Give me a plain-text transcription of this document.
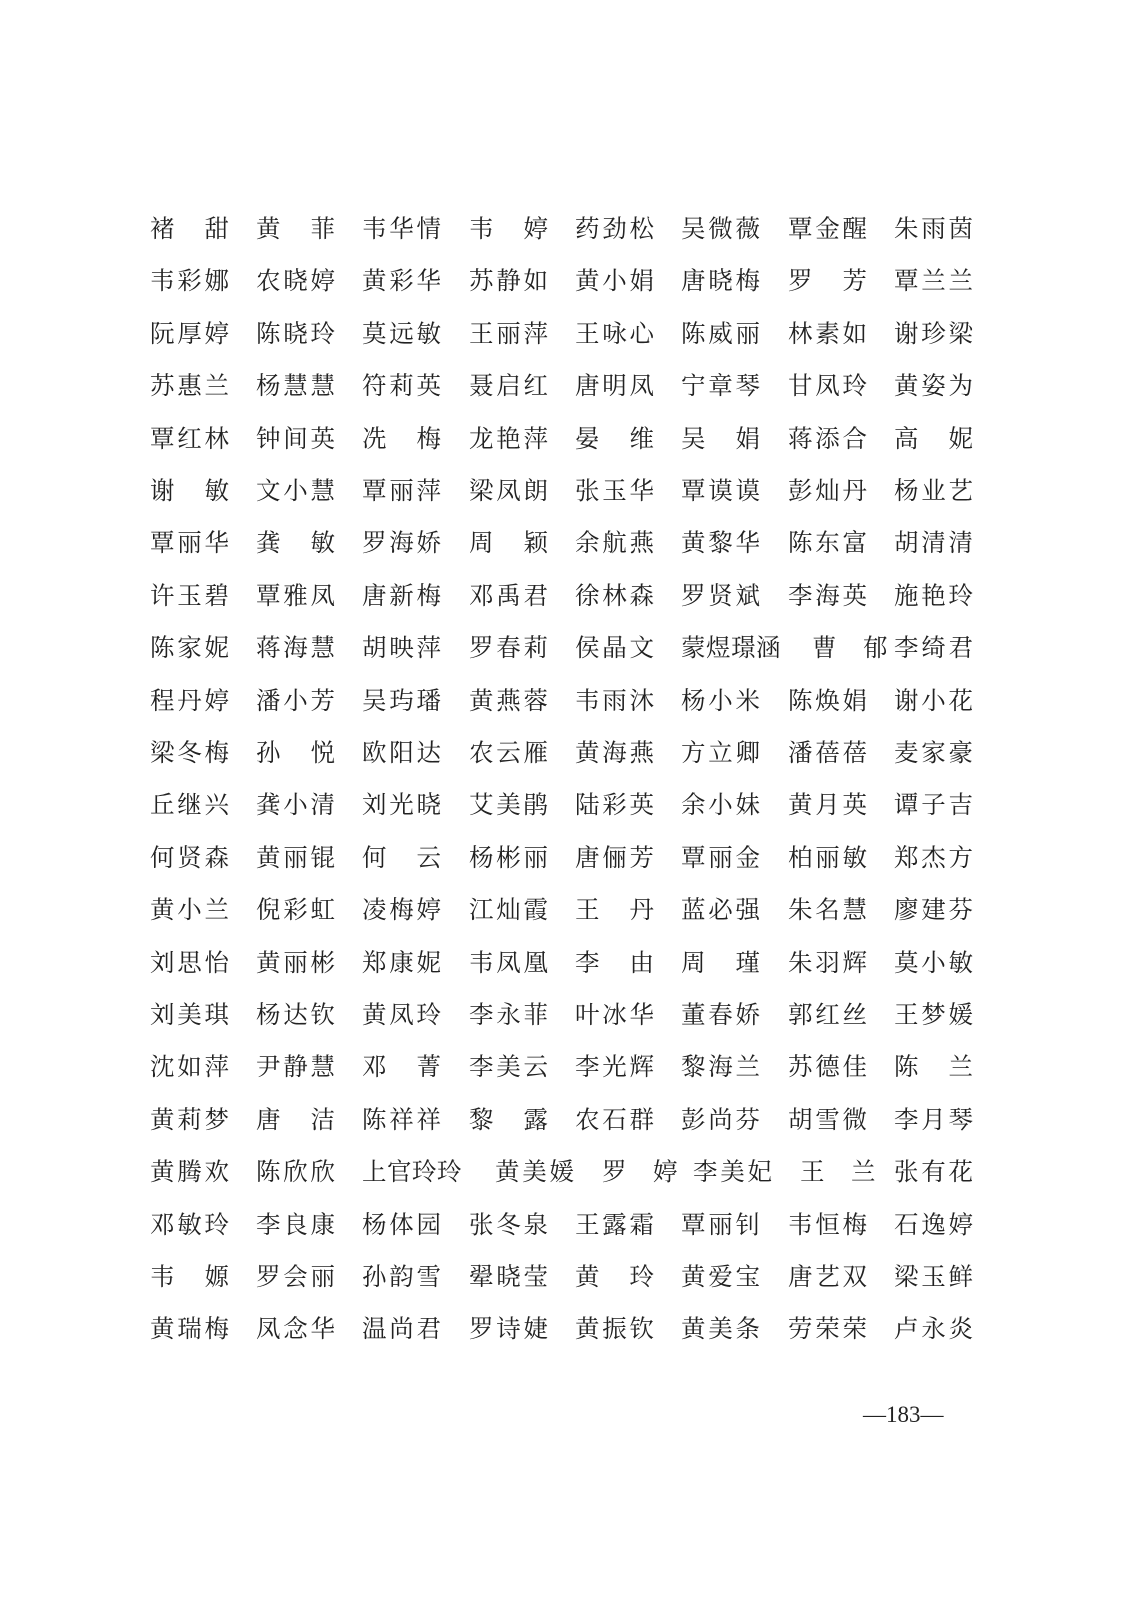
褚　甜 黄　菲 韦华情 韦　婷 药劲松 吴微薇 覃金醒 朱雨茵
韦彩娜 农晓婷 黄彩华 苏静如 黄小娟 唐晓梅 罗　芳 覃兰兰
阮厚婷 陈晓玲 莫远敏 王丽萍 王咏心 陈威丽 林素如 谢珍梁
苏惠兰 杨慧慧 符莉英 聂启红 唐明凤 宁章琴 甘凤玲 黄姿为
覃红林 钟间英 冼　梅 龙艳萍 晏　维 吴　娟 蒋添合 高　妮
谢　敏 文小慧 覃丽萍 梁凤朗 张玉华 覃谟谟 彭灿丹 杨业艺
覃丽华 龚　敏 罗海娇 周　颖 余航燕 黄黎华 陈东富 胡清清
许玉碧 覃雅凤 唐新梅 邓禹君 徐林森 罗贤斌 李海英 施艳玲
陈家妮 蒋海慧 胡映萍 罗春莉 侯晶文 蒙煜璟涵 曹　郁 李绮君
程丹婷 潘小芳 吴玙璠 黄燕蓉 韦雨沐 杨小米 陈焕娟 谢小花
梁冬梅 孙　悦 欧阳达 农云雁 黄海燕 方立卿 潘蓓蓓 麦家豪
丘继兴 龚小清 刘光晓 艾美鹃 陆彩英 余小妹 黄月英 谭子吉
何贤森 黄丽锟 何　云 杨彬丽 唐俪芳 覃丽金 柏丽敏 郑杰方
黄小兰 倪彩虹 凌梅婷 江灿霞 王　丹 蓝必强 朱名慧 廖建芬
刘思怡 黄丽彬 郑康妮 韦凤凰 李　由 周　瑾 朱羽辉 莫小敏
刘美琪 杨达钦 黄凤玲 李永菲 叶冰华 董春娇 郭红丝 王梦媛
沈如萍 尹静慧 邓　菁 李美云 李光辉 黎海兰 苏德佳 陈　兰
黄莉梦 唐　洁 陈祥祥 黎　露 农石群 彭尚芬 胡雪微 李月琴
黄腾欢 陈欣欣 上官玲玲 黄美媛 罗　婷 李美妃 王　兰 张有花
邓敏玲 李良康 杨体园 张冬泉 王露霜 覃丽钊 韦恒梅 石逸婷
韦　嫄 罗会丽 孙韵雪 翚晓莹 黄　玲 黄爱宝 唐艺双 梁玉鲜
黄瑞梅 凤念华 温尚君 罗诗婕 黄振钦 黄美条 劳荣荣 卢永炎
—183—
